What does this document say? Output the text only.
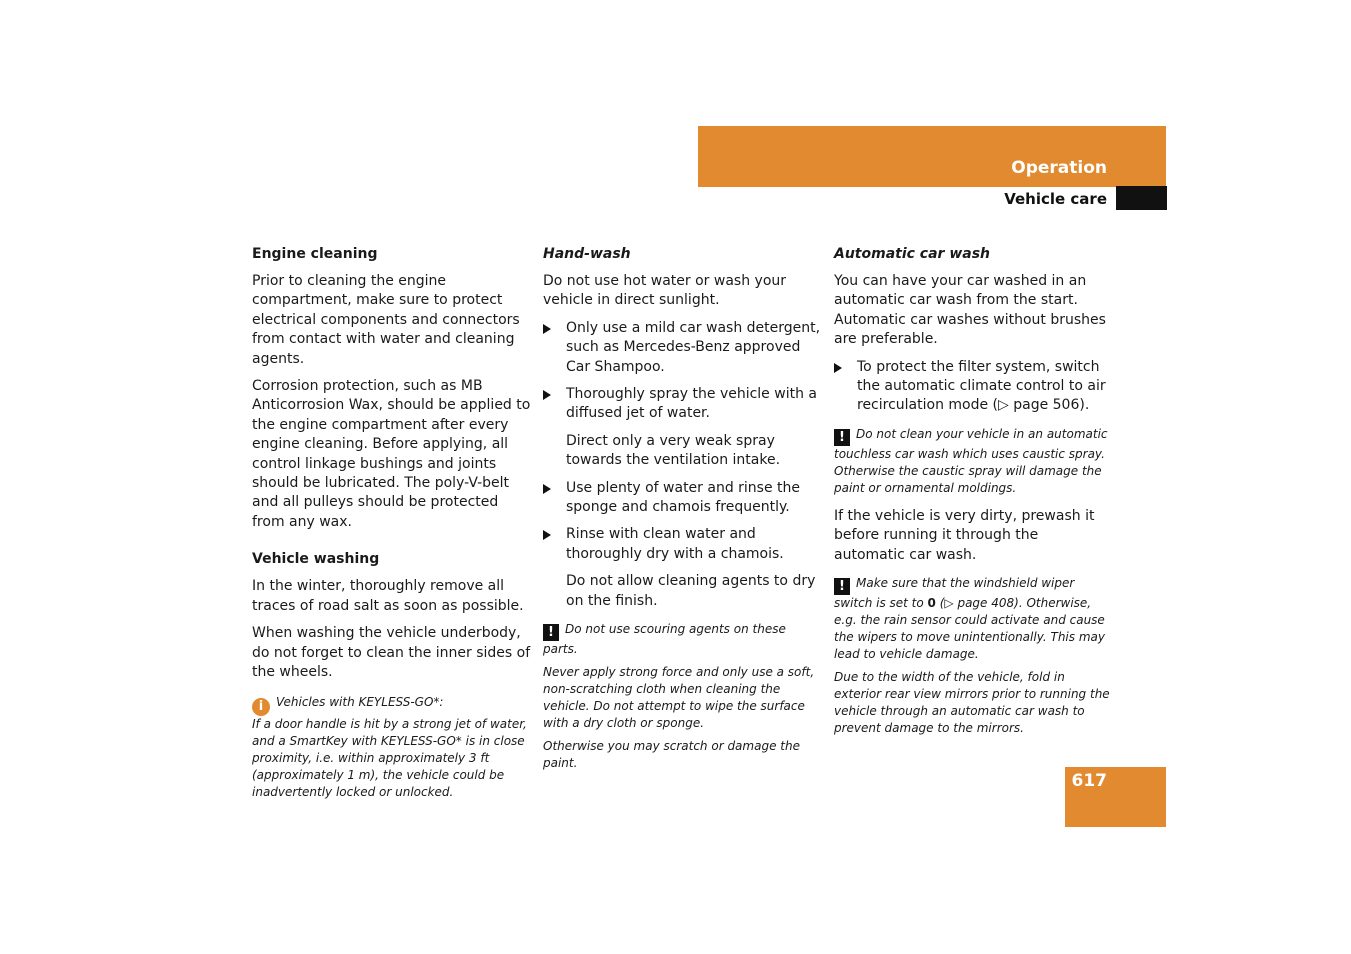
Operation
Vehicle care
Engine cleaning

Prior to cleaning the engine compartment, make sure to protect electrical components and connectors from contact with water and cleaning agents.

Corrosion protection, such as MB Anticorrosion Wax, should be applied to the engine compartment after every engine cleaning. Before applying, all control linkage bushings and joints should be lubricated. The poly-V-belt and all pulleys should be protected from any wax.

Vehicle washing

In the winter, thoroughly remove all traces of road salt as soon as possible.

When washing the vehicle underbody, do not forget to clean the inner sides of the wheels.

i Vehicles with KEYLESS-GO*:
If a door handle is hit by a strong jet of water, and a SmartKey with KEYLESS-GO* is in close proximity, i.e. within approximately 3 ft (approximately 1 m), the vehicle could be inadvertently locked or unlocked.
Hand-wash

Do not use hot water or wash your vehicle in direct sunlight.

Only use a mild car wash detergent, such as Mercedes-Benz approved Car Shampoo.
Thoroughly spray the vehicle with a diffused jet of water.

Direct only a very weak spray towards the ventilation intake.

Use plenty of water and rinse the sponge and chamois frequently.
Rinse with clean water and thoroughly dry with a chamois.

Do not allow cleaning agents to dry on the finish.

! Do not use scouring agents on these parts.
Never apply strong force and only use a soft, non-scratching cloth when cleaning the vehicle. Do not attempt to wipe the surface with a dry cloth or sponge.
Otherwise you may scratch or damage the paint.
Automatic car wash

You can have your car washed in an automatic car wash from the start. Automatic car washes without brushes are preferable.

To protect the filter system, switch the automatic climate control to air recirculation mode (▷ page 506).
! Do not clean your vehicle in an automatic touchless car wash which uses caustic spray. Otherwise the caustic spray will damage the paint or ornamental moldings.

If the vehicle is very dirty, prewash it before running it through the automatic car wash.

! Make sure that the windshield wiper switch is set to 0 (▷ page 408). Otherwise, e.g. the rain sensor could activate and cause the wipers to move unintentionally. This may lead to vehicle damage.
Due to the width of the vehicle, fold in exterior rear view mirrors prior to running the vehicle through an automatic car wash to prevent damage to the mirrors.
617
